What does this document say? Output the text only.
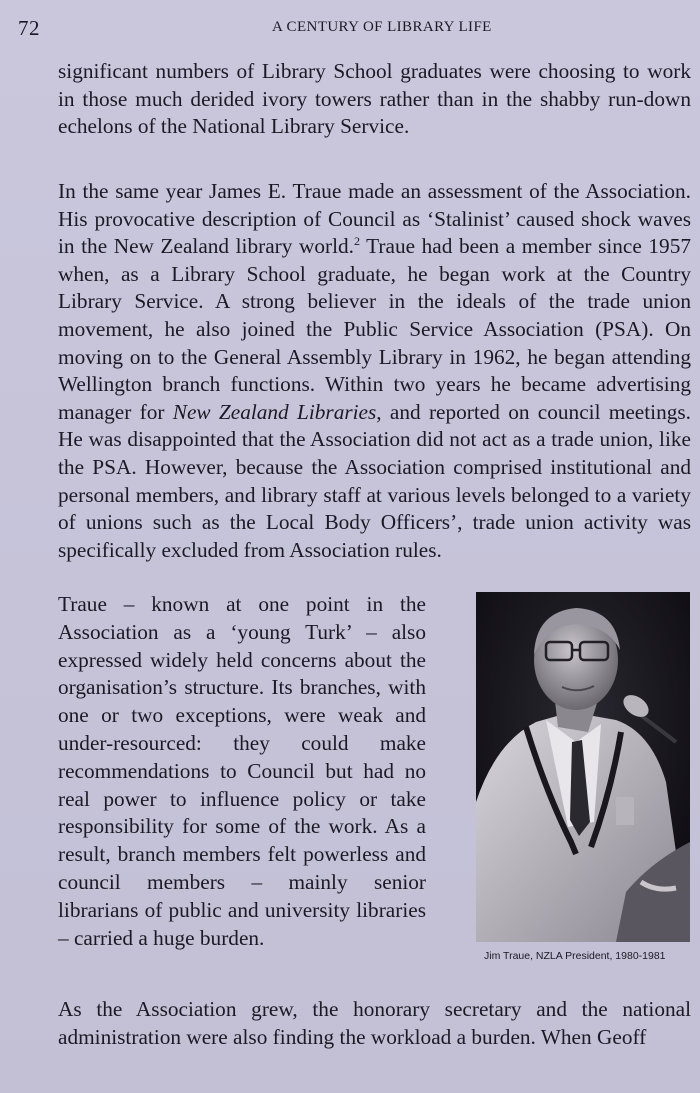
72	A CENTURY OF LIBRARY LIFE

significant numbers of Library School graduates were choosing to work in those much derided ivory towers rather than in the shabby run-down echelons of the National Library Service.

In the same year James E. Traue made an assessment of the Association. His provocative description of Council as ‘Stalinist’ caused shock waves in the New Zealand library world.$^2$ Traue had been a member since 1957 when, as a Library School graduate, he began work at the Country Library Service. A strong believer in the ideals of the trade union movement, he also joined the Public Service Association (PSA). On moving on to the General Assembly Library in 1962, he began attending Wellington branch functions. Within two years he became advertising manager for New Zealand Libraries, and reported on council meetings. He was disappointed that the Association did not act as a trade union, like the PSA. However, because the Association comprised institutional and personal members, and library staff at various levels belonged to a variety of unions such as the Local Body Officers’, trade union activity was specifically excluded from Association rules.

Traue – known at one point in the Association as a ‘young Turk’ – also expressed widely held concerns about the organisation’s structure. Its branches, with one or two exceptions, were weak and under-resourced: they could make recommendations to Council but had no real power to influence policy or take responsibility for some of the work. As a result, branch members felt powerless and council members – mainly senior librarians of public and university libraries – carried a huge burden.

Jim Traue, NZLA President, 1980-1981

As the Association grew, the honorary secretary and the national administration were also finding the workload a burden. When Geoff
